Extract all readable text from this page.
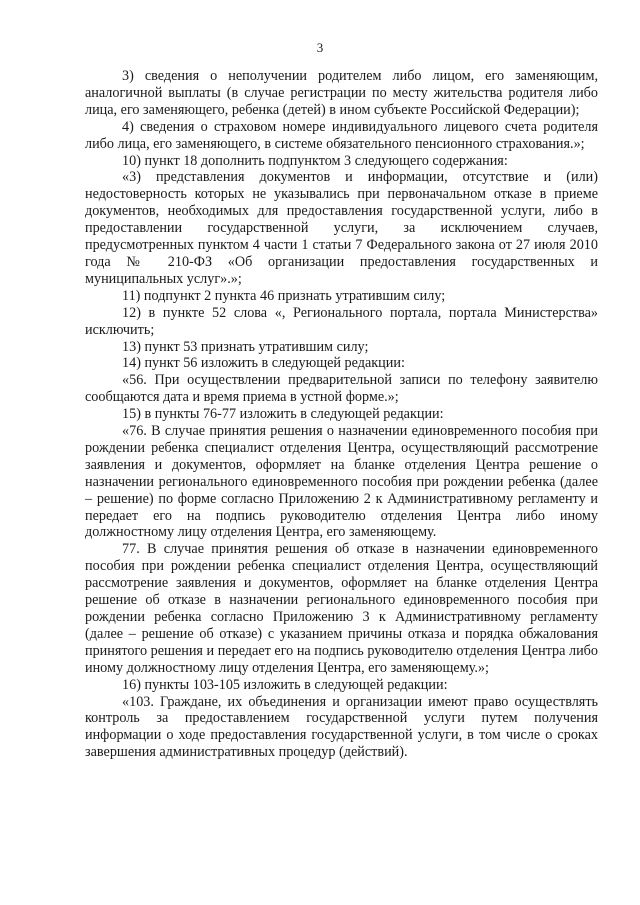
3

3) сведения о неполучении родителем либо лицом, его заменяющим, аналогичной выплаты (в случае регистрации по месту жительства родителя либо лица, его заменяющего, ребенка (детей) в ином субъекте Российской Федерации);

4) сведения о страховом номере индивидуального лицевого счета родителя либо лица, его заменяющего, в системе обязательного пенсионного страхования.»;

10) пункт 18 дополнить подпунктом 3 следующего содержания:

«3) представления документов и информации, отсутствие и (или) недостоверность которых не указывались при первоначальном отказе в приеме документов, необходимых для предоставления государственной услуги, либо в предоставлении государственной услуги, за исключением случаев, предусмотренных пунктом 4 части 1 статьи 7 Федерального закона от 27 июля 2010 года № 210-ФЗ «Об организации предоставления государственных и муниципальных услуг».»;

11) подпункт 2 пункта 46 признать утратившим силу;

12) в пункте 52 слова «, Регионального портала, портала Министерства» исключить;

13) пункт 53 признать утратившим силу;

14) пункт 56 изложить в следующей редакции:

«56. При осуществлении предварительной записи по телефону заявителю сообщаются дата и время приема в устной форме.»;

15) в пункты 76-77 изложить в следующей редакции:

«76. В случае принятия решения о назначении единовременного пособия при рождении ребенка специалист отделения Центра, осуществляющий рассмотрение заявления и документов, оформляет на бланке отделения Центра решение о назначении регионального единовременного пособия при рождении ребенка (далее – решение) по форме согласно Приложению 2 к Административному регламенту и передает его на подпись руководителю отделения Центра либо иному должностному лицу отделения Центра, его заменяющему.

77. В случае принятия решения об отказе в назначении единовременного пособия при рождении ребенка специалист отделения Центра, осуществляющий рассмотрение заявления и документов, оформляет на бланке отделения Центра решение об отказе в назначении регионального единовременного пособия при рождении ребенка согласно Приложению 3 к Административному регламенту (далее – решение об отказе) с указанием причины отказа и порядка обжалования принятого решения и передает его на подпись руководителю отделения Центра либо иному должностному лицу отделения Центра, его заменяющему.»;

16) пункты 103-105 изложить в следующей редакции:

«103. Граждане, их объединения и организации имеют право осуществлять контроль за предоставлением государственной услуги путем получения информации о ходе предоставления государственной услуги, в том числе о сроках завершения административных процедур (действий).
